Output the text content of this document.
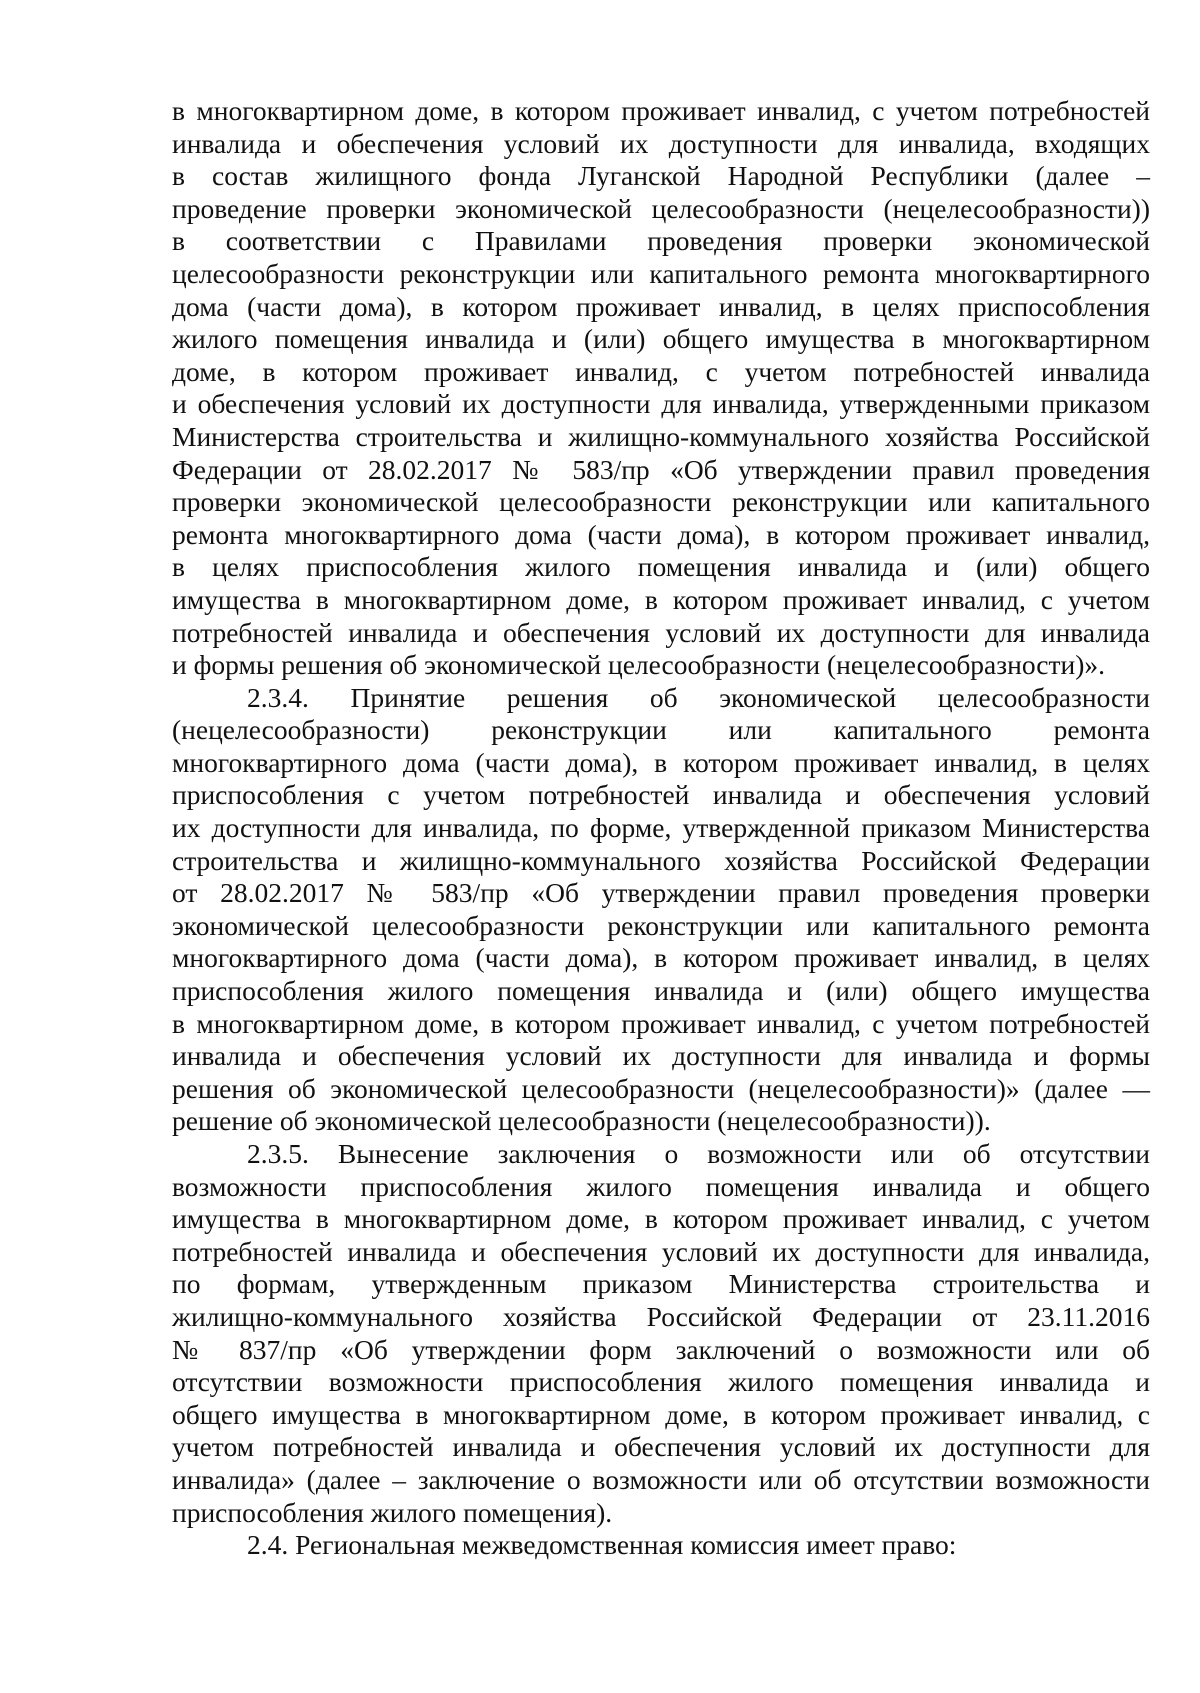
в многоквартирном доме, в котором проживает инвалид, с учетом потребностей
инвалида и обеспечения условий их доступности для инвалида, входящих
в состав жилищного фонда Луганской Народной Республики (далее –
проведение проверки экономической целесообразности (нецелесообразности))
в соответствии с Правилами проведения проверки экономической
целесообразности реконструкции или капитального ремонта многоквартирного
дома (части дома), в котором проживает инвалид, в целях приспособления
жилого помещения инвалида и (или) общего имущества в многоквартирном
доме, в котором проживает инвалид, с учетом потребностей инвалида
и обеспечения условий их доступности для инвалида, утвержденными приказом
Министерства строительства и жилищно-коммунального хозяйства Российской
Федерации от 28.02.2017 № 583/пр «Об утверждении правил проведения
проверки экономической целесообразности реконструкции или капитального
ремонта многоквартирного дома (части дома), в котором проживает инвалид,
в целях приспособления жилого помещения инвалида и (или) общего
имущества в многоквартирном доме, в котором проживает инвалид, с учетом
потребностей инвалида и обеспечения условий их доступности для инвалида
и формы решения об экономической целесообразности (нецелесообразности)».
2.3.4. Принятие решения об экономической целесообразности
(нецелесообразности) реконструкции или капитального ремонта
многоквартирного дома (части дома), в котором проживает инвалид, в целях
приспособления с учетом потребностей инвалида и обеспечения условий
их доступности для инвалида, по форме, утвержденной приказом Министерства
строительства и жилищно-коммунального хозяйства Российской Федерации
от 28.02.2017 № 583/пр «Об утверждении правил проведения проверки
экономической целесообразности реконструкции или капитального ремонта
многоквартирного дома (части дома), в котором проживает инвалид, в целях
приспособления жилого помещения инвалида и (или) общего имущества
в многоквартирном доме, в котором проживает инвалид, с учетом потребностей
инвалида и обеспечения условий их доступности для инвалида и формы
решения об экономической целесообразности (нецелесообразности)» (далее —
решение об экономической целесообразности (нецелесообразности)).
2.3.5. Вынесение заключения о возможности или об отсутствии
возможности приспособления жилого помещения инвалида и общего
имущества в многоквартирном доме, в котором проживает инвалид, с учетом
потребностей инвалида и обеспечения условий их доступности для инвалида,
по формам, утвержденным приказом Министерства строительства и
жилищно-коммунального хозяйства Российской Федерации от 23.11.2016
№ 837/пр «Об утверждении форм заключений о возможности или об
отсутствии возможности приспособления жилого помещения инвалида и
общего имущества в многоквартирном доме, в котором проживает инвалид, с
учетом потребностей инвалида и обеспечения условий их доступности для
инвалида» (далее – заключение о возможности или об отсутствии возможности
приспособления жилого помещения).
2.4. Региональная межведомственная комиссия имеет право:
